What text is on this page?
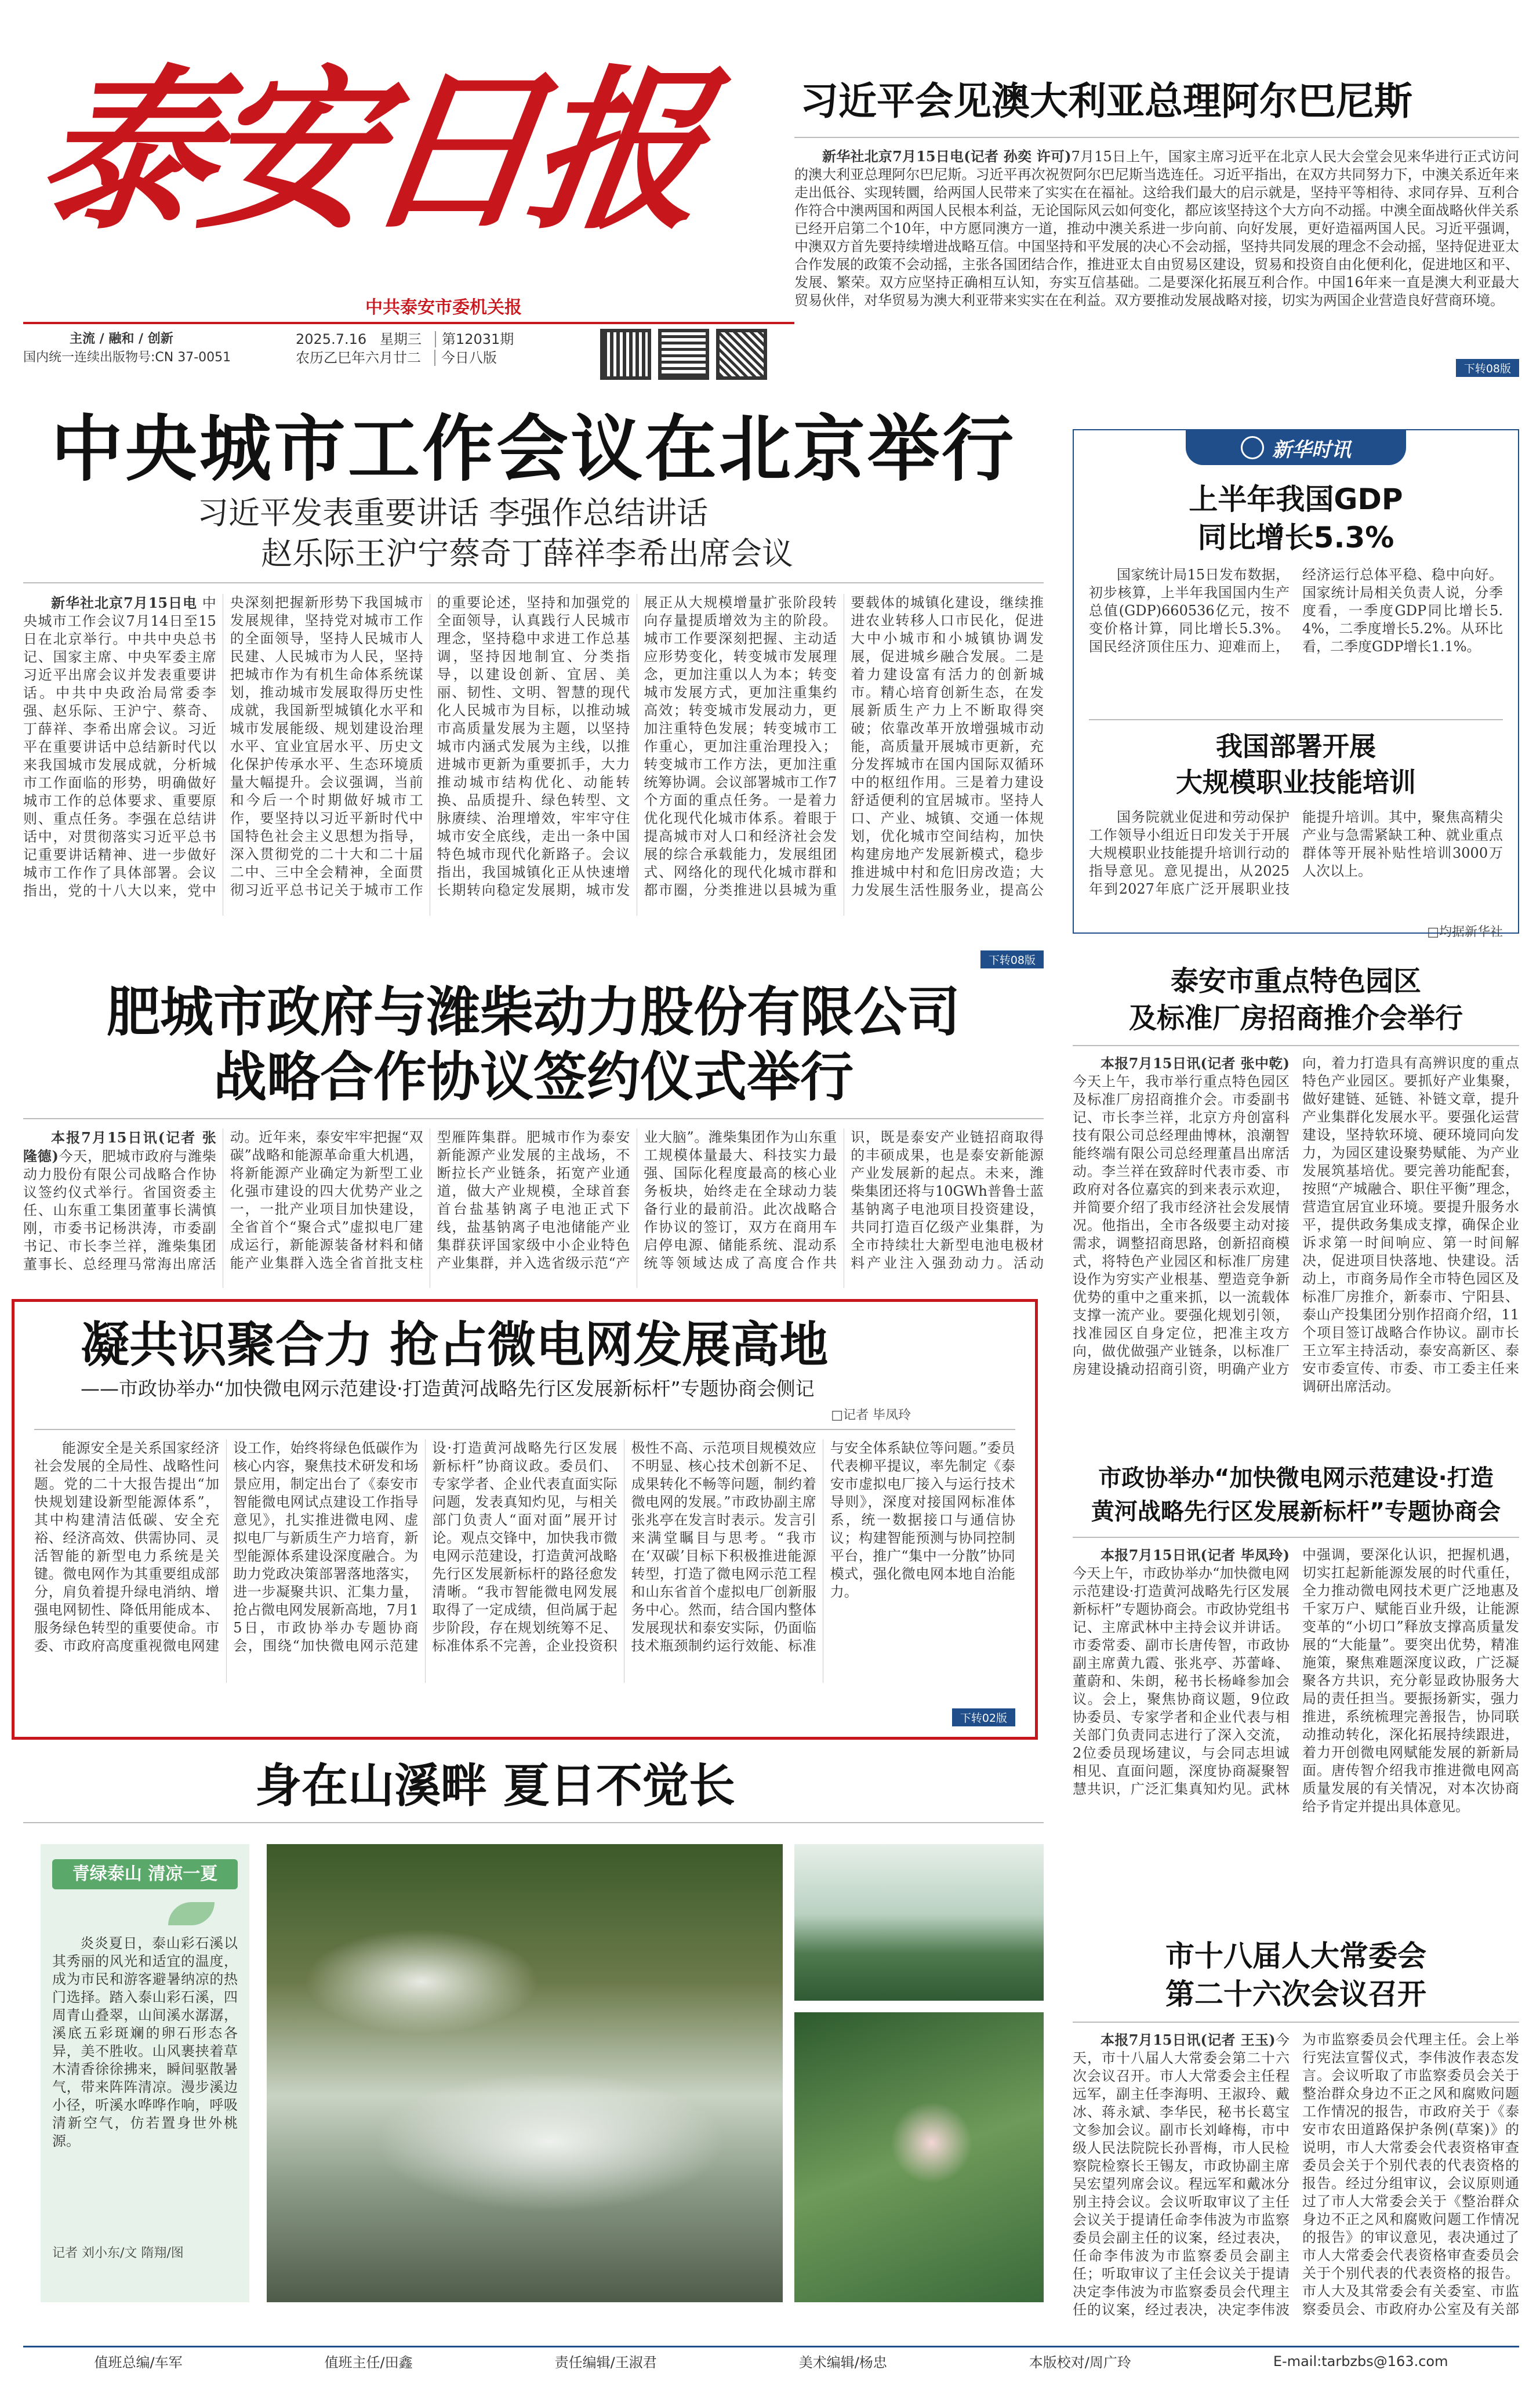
泰安日报
中共泰安市委机关报
主流 / 融和 / 创新
国内统一连续出版物号:CN 37-0051
2025.7.16 星期三 第12031期
农历乙巳年六月廿二 今日八版
习近平会见澳大利亚总理阿尔巴尼斯

新华社北京7月15日电(记者 孙奕 许可)7月15日上午，国家主席习近平在北京人民大会堂会见来华进行正式访问的澳大利亚总理阿尔巴尼斯。习近平再次祝贺阿尔巴尼斯当选连任。习近平指出，在双方共同努力下，中澳关系近年来走出低谷、实现转圜，给两国人民带来了实实在在福祉。这给我们最大的启示就是，坚持平等相待、求同存异、互利合作符合中澳两国和两国人民根本利益，无论国际风云如何变化，都应该坚持这个大方向不动摇。中澳全面战略伙伴关系已经开启第二个10年，中方愿同澳方一道，推动中澳关系进一步向前、向好发展，更好造福两国人民。习近平强调，中澳双方首先要持续增进战略互信。中国坚持和平发展的决心不会动摇，坚持共同发展的理念不会动摇，坚持促进亚太合作发展的政策不会动摇，主张各国团结合作，推进亚太自由贸易区建设，贸易和投资自由化便利化，促进地区和平、发展、繁荣。双方应坚持正确相互认知，夯实互信基础。二是要深化拓展互利合作。中国16年来一直是澳大利亚最大贸易伙伴，对华贸易为澳大利亚带来实实在在利益。双方要推动发展战略对接，切实为两国企业营造良好营商环境。

下转08版
中央城市工作会议在北京举行
习近平发表重要讲话 李强作总结讲话
赵乐际王沪宁蔡奇丁薛祥李希出席会议

新华社北京7月15日电 中央城市工作会议7月14日至15日在北京举行。中共中央总书记、国家主席、中央军委主席习近平出席会议并发表重要讲话。中共中央政治局常委李强、赵乐际、王沪宁、蔡奇、丁薛祥、李希出席会议。习近平在重要讲话中总结新时代以来我国城市发展成就，分析城市工作面临的形势，明确做好城市工作的总体要求、重要原则、重点任务。李强在总结讲话中，对贯彻落实习近平总书记重要讲话精神、进一步做好城市工作作了具体部署。会议指出，党的十八大以来，党中央深刻把握新形势下我国城市发展规律，坚持党对城市工作的全面领导，坚持人民城市人民建、人民城市为人民，坚持把城市作为有机生命体系统谋划，推动城市发展取得历史性成就，我国新型城镇化水平和城市发展能级、规划建设治理水平、宜业宜居水平、历史文化保护传承水平、生态环境质量大幅提升。会议强调，当前和今后一个时期做好城市工作，要坚持以习近平新时代中国特色社会主义思想为指导，深入贯彻党的二十大和二十届二中、三中全会精神，全面贯彻习近平总书记关于城市工作的重要论述，坚持和加强党的全面领导，认真践行人民城市理念，坚持稳中求进工作总基调，坚持因地制宜、分类指导，以建设创新、宜居、美丽、韧性、文明、智慧的现代化人民城市为目标，以推动城市高质量发展为主题，以坚持城市内涵式发展为主线，以推进城市更新为重要抓手，大力推动城市结构优化、动能转换、品质提升、绿色转型、文脉赓续、治理增效，牢牢守住城市安全底线，走出一条中国特色城市现代化新路子。会议指出，我国城镇化正从快速增长期转向稳定发展期，城市发展正从大规模增量扩张阶段转向存量提质增效为主的阶段。城市工作要深刻把握、主动适应形势变化，转变城市发展理念，更加注重以人为本；转变城市发展方式，更加注重集约高效；转变城市发展动力，更加注重特色发展；转变城市工作重心，更加注重治理投入；转变城市工作方法，更加注重统筹协调。会议部署城市工作7个方面的重点任务。一是着力优化现代化城市体系。着眼于提高城市对人口和经济社会发展的综合承载能力，发展组团式、网络化的现代化城市群和都市圈，分类推进以县城为重要载体的城镇化建设，继续推进农业转移人口市民化，促进大中小城市和小城镇协调发展，促进城乡融合发展。二是着力建设富有活力的创新城市。精心培育创新生态，在发展新质生产力上不断取得突破；依靠改革开放增强城市动能，高质量开展城市更新，充分发挥城市在国内国际双循环中的枢纽作用。三是着力建设舒适便利的宜居城市。坚持人口、产业、城镇、交通一体规划，优化城市空间结构，加快构建房地产发展新模式，稳步推进城中村和危旧房改造；大力发展生活性服务业，提高公

下转08版
新华时讯
上半年我国GDP
同比增长5.3%

国家统计局15日发布数据，初步核算，上半年我国国内生产总值(GDP)660536亿元，按不变价格计算，同比增长5.3%。国民经济顶住压力、迎难而上，经济运行总体平稳、稳中向好。国家统计局相关负责人说，分季度看，一季度GDP同比增长5.4%，二季度增长5.2%。从环比看，二季度GDP增长1.1%。

我国部署开展
大规模职业技能培训

国务院就业促进和劳动保护工作领导小组近日印发关于开展大规模职业技能提升培训行动的指导意见。意见提出，从2025年到2027年底广泛开展职业技能提升培训。其中，聚焦高精尖产业与急需紧缺工种、就业重点群体等开展补贴性培训3000万人次以上。

□均据新华社
肥城市政府与潍柴动力股份有限公司
战略合作协议签约仪式举行

本报7月15日讯(记者 张隆德)今天，肥城市政府与潍柴动力股份有限公司战略合作协议签约仪式举行。省国资委主任、山东重工集团董事长满慎刚，市委书记杨洪涛，市委副书记、市长李兰祥，潍柴集团董事长、总经理马常海出席活动。近年来，泰安牢牢把握“双碳”战略和能源革命重大机遇，将新能源产业确定为新型工业化强市建设的四大优势产业之一，一批产业项目加快建设，全省首个“聚合式”虚拟电厂建成运行，新能源装备材料和储能产业集群入选全省首批支柱型雁阵集群。肥城市作为泰安新能源产业发展的主战场，不断拉长产业链条，拓宽产业通道，做大产业规模，全球首套首台盐基钠离子电池正式下线，盐基钠离子电池储能产业集群获评国家级中小企业特色产业集群，并入选省级示范“产业大脑”。潍柴集团作为山东重工规模体量最大、科技实力最强、国际化程度最高的核心业务板块，始终走在全球动力装备行业的最前沿。此次战略合作协议的签订，双方在商用车启停电源、储能系统、混动系统等领域达成了高度合作共识，既是泰安产业链招商取得的丰硕成果，也是泰安新能源产业发展新的起点。未来，潍柴集团还将与10GWh普鲁士蓝基钠离子电池项目投资建设，共同打造百亿级产业集群，为全市持续壮大新型电池电极材料产业注入强劲动力。活动

泰安市重点特色园区
及标准厂房招商推介会举行

本报7月15日讯(记者 张中乾)今天上午，我市举行重点特色园区及标准厂房招商推介会。市委副书记、市长李兰祥，北京方舟创富科技有限公司总经理曲博林，浪潮智能终端有限公司总经理董昌出席活动。李兰祥在致辞时代表市委、市政府对各位嘉宾的到来表示欢迎，并简要介绍了我市经济社会发展情况。他指出，全市各级要主动对接需求，调整招商思路，创新招商模式，将特色产业园区和标准厂房建设作为穷实产业根基、塑造竞争新优势的重中之重来抓，以一流载体支撑一流产业。要强化规划引领，找准园区自身定位，把准主攻方向，做优做强产业链条，以标准厂房建设撬动招商引资，明确产业方向，着力打造具有高辨识度的重点特色产业园区。要抓好产业集聚，做好建链、延链、补链文章，提升产业集群化发展水平。要强化运营建设，坚持软环境、硬环境同向发力，为园区建设聚势赋能、为产业发展筑基培优。要完善功能配套，按照“产城融合、职住平衡”理念，营造宜居宜业环境。要提升服务水平，提供政务集成支撑，确保企业诉求第一时间响应、第一时间解决，促进项目快落地、快建设。活动上，市商务局作全市特色园区及标准厂房推介，新泰市、宁阳县、泰山产投集团分别作招商介绍，11个项目签订战略合作协议。副市长王立军主持活动，泰安高新区、泰安市委宣传、市委、市工委主任来调研出席活动。

凝共识聚合力 抢占微电网发展高地
——市政协举办“加快微电网示范建设·打造黄河战略先行区发展新标杆”专题协商会侧记
□记者 毕凤玲

能源安全是关系国家经济社会发展的全局性、战略性问题。党的二十大报告提出“加快规划建设新型能源体系”，其中构建清洁低碳、安全充裕、经济高效、供需协同、灵活智能的新型电力系统是关键。微电网作为其重要组成部分，肩负着提升绿电消纳、增强电网韧性、降低用能成本、服务绿色转型的重要使命。市委、市政府高度重视微电网建设工作，始终将绿色低碳作为核心内容，聚焦技术研发和场景应用，制定出台了《泰安市智能微电网试点建设工作指导意见》，扎实推进微电网、虚拟电厂与新质生产力培育，新型能源体系建设深度融合。为助力党政决策部署落地落实，进一步凝聚共识、汇集力量，抢占微电网发展新高地，7月15日，市政协举办专题协商会，围绕“加快微电网示范建设·打造黄河战略先行区发展新标杆”协商议政。委员们、专家学者、企业代表直面实际问题，发表真知灼见，与相关部门负责人“面对面”展开讨论。观点交锋中，加快我市微电网示范建设，打造黄河战略先行区发展新标杆的路径愈发清晰。“我市智能微电网发展取得了一定成绩，但尚属于起步阶段，存在规划统筹不足、标准体系不完善，企业投资积极性不高、示范项目规模效应不明显、核心技术创新不足、成果转化不畅等问题，制约着微电网的发展。”市政协副主席张兆亭在发言时表示。发言引来满堂瞩目与思考。“我市在‘双碳’目标下积极推进能源转型，打造了微电网示范工程和山东省首个虚拟电厂创新服务中心。然而，结合国内整体发展现状和泰安实际，仍面临技术瓶颈制约运行效能、标准与安全体系缺位等问题。”委员代表柳平提议，率先制定《泰安市虚拟电厂接入与运行技术导则》，深度对接国网标准体系，统一数据接口与通信协议；构建智能预测与协同控制平台，推广“集中一分散”协同模式，强化微电网本地自治能力。

下转02版
市政协举办“加快微电网示范建设·打造
黄河战略先行区发展新标杆”专题协商会

本报7月15日讯(记者 毕凤玲)今天上午，市政协举办“加快微电网示范建设·打造黄河战略先行区发展新标杆”专题协商会。市政协党组书记、主席武林中主持会议并讲话。市委常委、副市长唐传智，市政协副主席黄九霞、张兆亭、苏蕾峰、董蔚和、朱朗，秘书长杨峰参加会议。会上，聚焦协商议题，9位政协委员、专家学者和企业代表与相关部门负责同志进行了深入交流，2位委员现场建议，与会同志坦诚相见、直面问题，深度协商凝聚智慧共识，广泛汇集真知灼见。武林中强调，要深化认识，把握机遇，切实扛起新能源发展的时代重任，全力推动微电网技术更广泛地惠及千家万户、赋能百业升级，让能源变革的“小切口”释放支撑高质量发展的“大能量”。要突出优势，精准施策，聚焦难题深度议政，广泛凝聚各方共识，充分彰显政协服务大局的责任担当。要振扬新实，强力推进，系统梳理完善报告，协同联动推动转化，深化拓展持续跟进，着力开创微电网赋能发展的新新局面。唐传智介绍我市推进微电网高质量发展的有关情况，对本次协商给予肯定并提出具体意见。

身在山溪畔 夏日不觉长
青绿泰山 清凉一夏

炎炎夏日，泰山彩石溪以其秀丽的风光和适宜的温度，成为市民和游客避暑纳凉的热门选择。踏入泰山彩石溪，四周青山叠翠，山间溪水潺潺，溪底五彩斑斓的卵石形态各异，美不胜收。山风裹挟着草木清香徐徐拂来，瞬间驱散暑气，带来阵阵清凉。漫步溪边小径，听溪水哗哗作响，呼吸清新空气，仿若置身世外桃源。

记者 刘小东/文 隋翔/图
市十八届人大常委会
第二十六次会议召开

本报7月15日讯(记者 王玉)今天，市十八届人大常委会第二十六次会议召开。市人大常委会主任程远军，副主任李海明、王淑玲、戴冰、蒋永斌、李华民，秘书长葛宝文参加会议。副市长刘峰梅，市中级人民法院院长孙晋梅，市人民检察院检察长王锡友，市政协副主席吴宏望列席会议。程远军和戴冰分别主持会议。会议听取审议了主任会议关于提请任命李伟波为市监察委员会副主任的议案，经过表决，任命李伟波为市监察委员会副主任；听取审议了主任会议关于提请决定李伟波为市监察委员会代理主任的议案，经过表决，决定李伟波为市监察委员会代理主任。会上举行宪法宣誓仪式，李伟波作表态发言。会议听取了市监察委员会关于整治群众身边不正之风和腐败问题工作情况的报告，市政府关于《泰安市农田道路保护条例(草案)》的说明，市人大常委会代表资格审查委员会关于个别代表的代表资格的报告。经过分组审议，会议原则通过了市人大常委会关于《整治群众身边不正之风和腐败问题工作情况的报告》的审议意见，表决通过了市人大常委会代表资格审查委员会关于个别代表的代表资格的报告。市人大及其常委会有关委室、市监察委员会、市政府办公室及有关部

值班总编/车军	值班主任/田鑫	责任编辑/王淑君	美术编辑/杨忠	本版校对/周广玲	E-mail:tarbzbs@163.com
